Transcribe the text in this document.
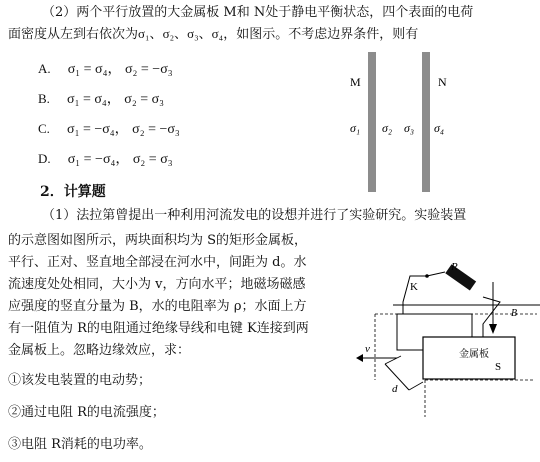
（2）两个平行放置的大金属板 M和 N处于静电平衡状态，四个表面的电荷
面密度从左到右依次为σ₁、σ₂、σ₃、σ₄，如图示。不考虑边界条件，则有
A. σ₁ = σ₄， σ₂ = −σ₃
B. σ₁ = σ₄， σ₂ = σ₃
C. σ₁ = −σ₄， σ₂ = −σ₃
D. σ₁ = −σ₄， σ₂ = σ₃
M	N
σ₁ σ₂ σ₃ σ₄
2．计算题
（1）法拉第曾提出一种利用河流发电的设想并进行了实验研究。实验装置
的示意图如图所示，两块面积均为 S的矩形金属板，
平行、正对、竖直地全部浸在河水中，间距为 d。水
流速度处处相同，大小为 v，方向水平；地磁场磁感
应强度的竖直分量为 B，水的电阻率为 ρ；水面上方
有一阻值为 R的电阻通过绝缘导线和电键 K连接到两
金属板上。忽略边缘效应，求：
①该发电装置的电动势；
②通过电阻 R的电流强度；
③电阻 R消耗的电功率。
R
K
B
金属板
S
v
d
